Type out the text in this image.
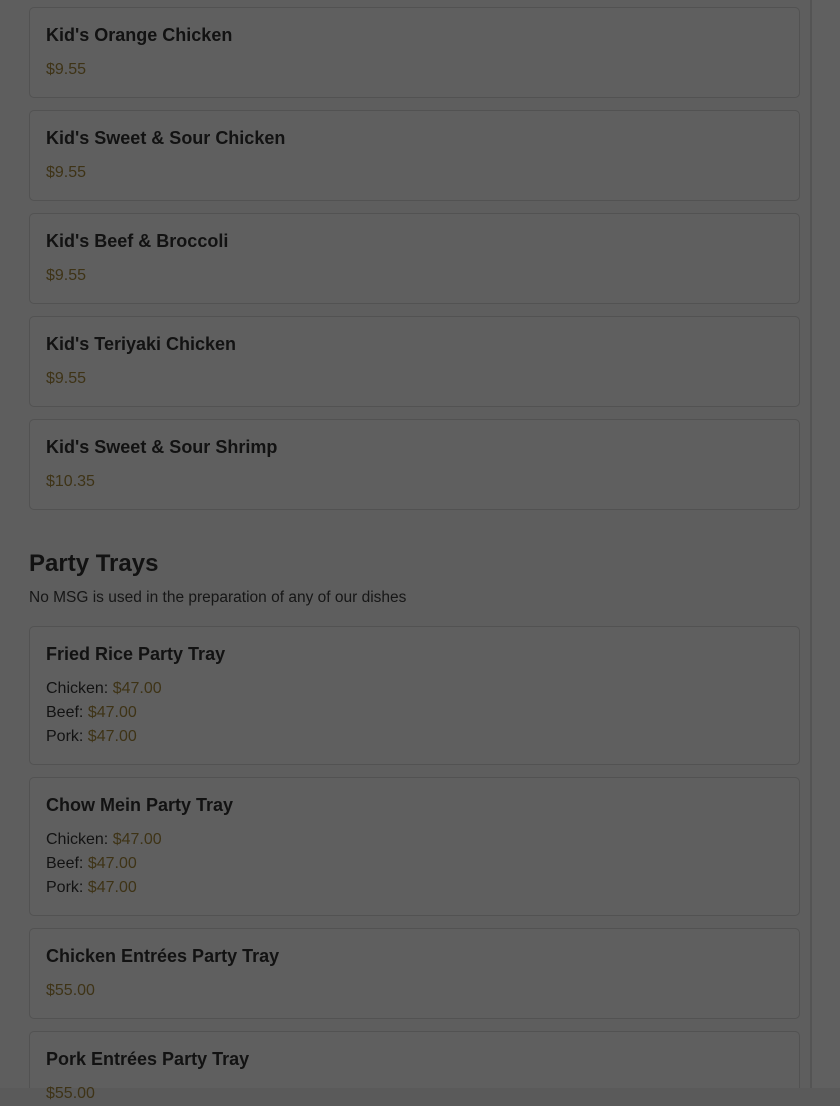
Kid's Orange Chicken
$9.55
Kid's Sweet & Sour Chicken
$9.55
Kid's Beef & Broccoli
$9.55
Kid's Teriyaki Chicken
$9.55
Kid's Sweet & Sour Shrimp
$10.35
Party Trays
No MSG is used in the preparation of any of our dishes
Fried Rice Party Tray
Chicken: $47.00
Beef: $47.00
Pork: $47.00
Chow Mein Party Tray
Chicken: $47.00
Beef: $47.00
Pork: $47.00
Chicken Entrées Party Tray
$55.00
Pork Entrées Party Tray
$55.00
